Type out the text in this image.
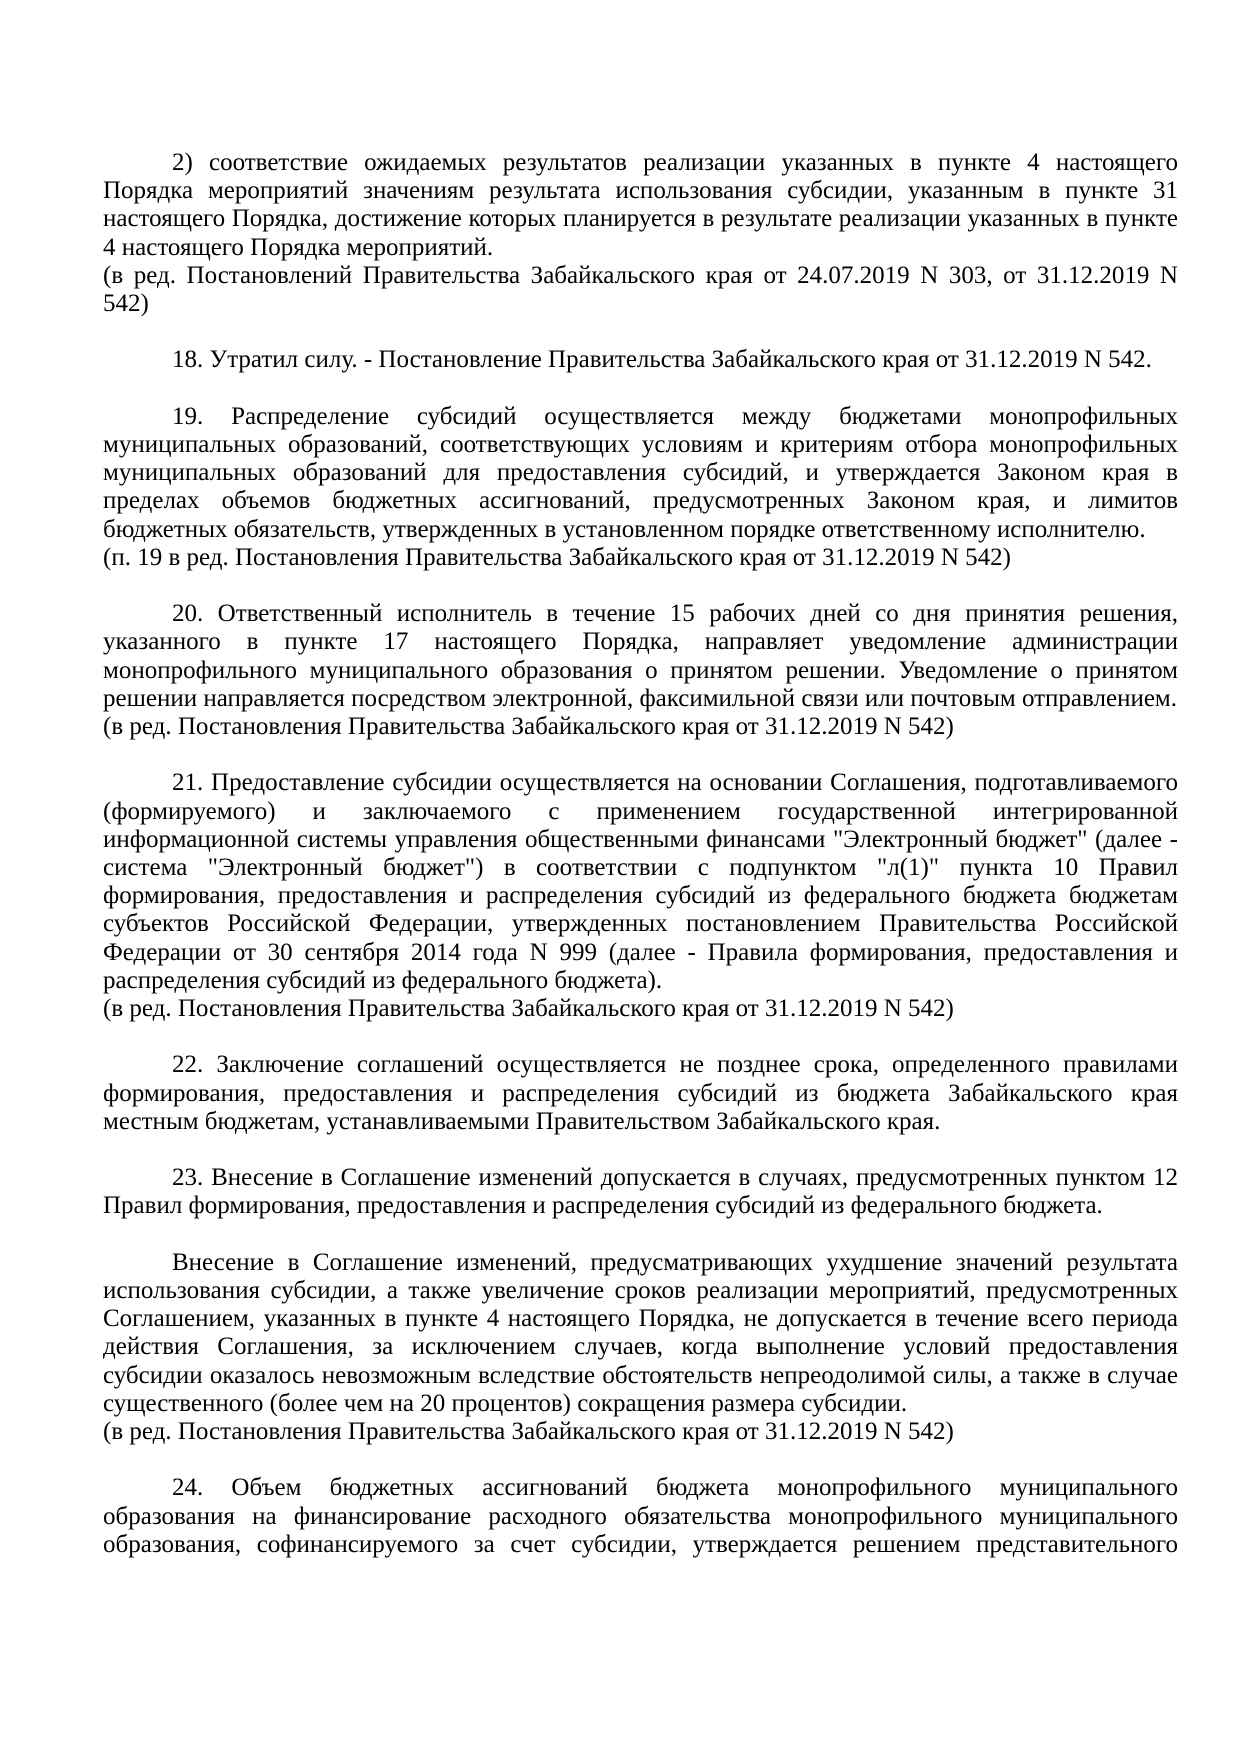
2) соответствие ожидаемых результатов реализации указанных в пункте 4 настоящего Порядка мероприятий значениям результата использования субсидии, указанным в пункте 31 настоящего Порядка, достижение которых планируется в результате реализации указанных в пункте 4 настоящего Порядка мероприятий.

(в ред. Постановлений Правительства Забайкальского края от 24.07.2019 N 303, от 31.12.2019 N 542)

18. Утратил силу. - Постановление Правительства Забайкальского края от 31.12.2019 N 542.

19. Распределение субсидий осуществляется между бюджетами монопрофильных муниципальных образований, соответствующих условиям и критериям отбора монопрофильных муниципальных образований для предоставления субсидий, и утверждается Законом края в пределах объемов бюджетных ассигнований, предусмотренных Законом края, и лимитов бюджетных обязательств, утвержденных в установленном порядке ответственному исполнителю.

(п. 19 в ред. Постановления Правительства Забайкальского края от 31.12.2019 N 542)

20. Ответственный исполнитель в течение 15 рабочих дней со дня принятия решения, указанного в пункте 17 настоящего Порядка, направляет уведомление администрации монопрофильного муниципального образования о принятом решении. Уведомление о принятом решении направляется посредством электронной, факсимильной связи или почтовым отправлением.

(в ред. Постановления Правительства Забайкальского края от 31.12.2019 N 542)

21. Предоставление субсидии осуществляется на основании Соглашения, подготавливаемого (формируемого) и заключаемого с применением государственной интегрированной информационной системы управления общественными финансами "Электронный бюджет" (далее - система "Электронный бюджет") в соответствии с подпунктом "л(1)" пункта 10 Правил формирования, предоставления и распределения субсидий из федерального бюджета бюджетам субъектов Российской Федерации, утвержденных постановлением Правительства Российской Федерации от 30 сентября 2014 года N 999 (далее - Правила формирования, предоставления и распределения субсидий из федерального бюджета).

(в ред. Постановления Правительства Забайкальского края от 31.12.2019 N 542)

22. Заключение соглашений осуществляется не позднее срока, определенного правилами формирования, предоставления и распределения субсидий из бюджета Забайкальского края местным бюджетам, устанавливаемыми Правительством Забайкальского края.

23. Внесение в Соглашение изменений допускается в случаях, предусмотренных пунктом 12 Правил формирования, предоставления и распределения субсидий из федерального бюджета.

Внесение в Соглашение изменений, предусматривающих ухудшение значений результата использования субсидии, а также увеличение сроков реализации мероприятий, предусмотренных Соглашением, указанных в пункте 4 настоящего Порядка, не допускается в течение всего периода действия Соглашения, за исключением случаев, когда выполнение условий предоставления субсидии оказалось невозможным вследствие обстоятельств непреодолимой силы, а также в случае существенного (более чем на 20 процентов) сокращения размера субсидии.

(в ред. Постановления Правительства Забайкальского края от 31.12.2019 N 542)

24. Объем бюджетных ассигнований бюджета монопрофильного муниципального образования на финансирование расходного обязательства монопрофильного муниципального образования, софинансируемого за счет субсидии, утверждается решением представительного
